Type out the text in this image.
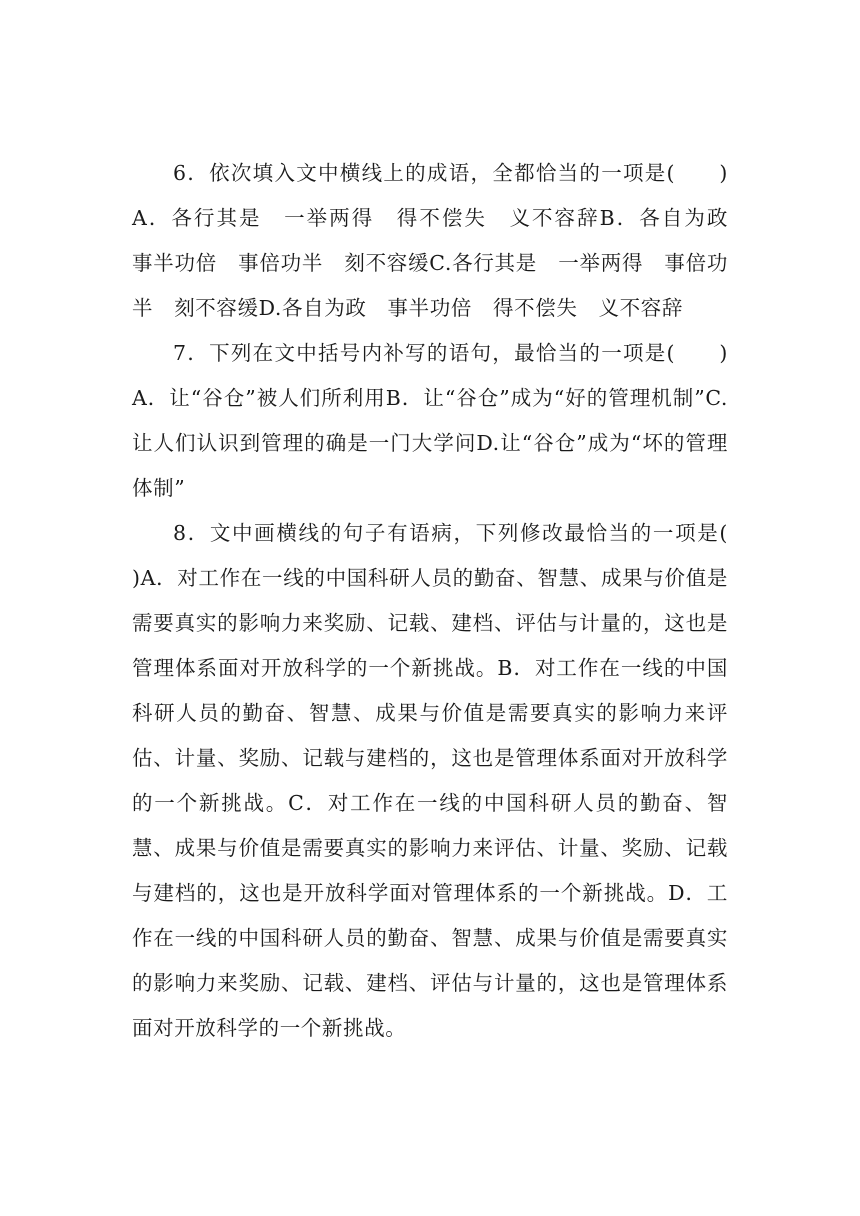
6．依次填入文中横线上的成语，全都恰当的一项是(　　)A．各行其是　一举两得　得不偿失　义不容辞B．各自为政　事半功倍　事倍功半　刻不容缓C.各行其是　一举两得　事倍功半　刻不容缓D.各自为政　事半功倍　得不偿失　义不容辞

7．下列在文中括号内补写的语句，最恰当的一项是(　　)A．让“谷仓”被人们所利用B．让“谷仓”成为“好的管理机制”C.让人们认识到管理的确是一门大学问D.让“谷仓”成为“坏的管理体制”

8．文中画横线的句子有语病，下列修改最恰当的一项是(　　)A．对工作在一线的中国科研人员的勤奋、智慧、成果与价值是需要真实的影响力来奖励、记载、建档、评估与计量的，这也是管理体系面对开放科学的一个新挑战。B．对工作在一线的中国科研人员的勤奋、智慧、成果与价值是需要真实的影响力来评估、计量、奖励、记载与建档的，这也是管理体系面对开放科学的一个新挑战。C．对工作在一线的中国科研人员的勤奋、智慧、成果与价值是需要真实的影响力来评估、计量、奖励、记载与建档的，这也是开放科学面对管理体系的一个新挑战。D．工作在一线的中国科研人员的勤奋、智慧、成果与价值是需要真实的影响力来奖励、记载、建档、评估与计量的，这也是管理体系面对开放科学的一个新挑战。
